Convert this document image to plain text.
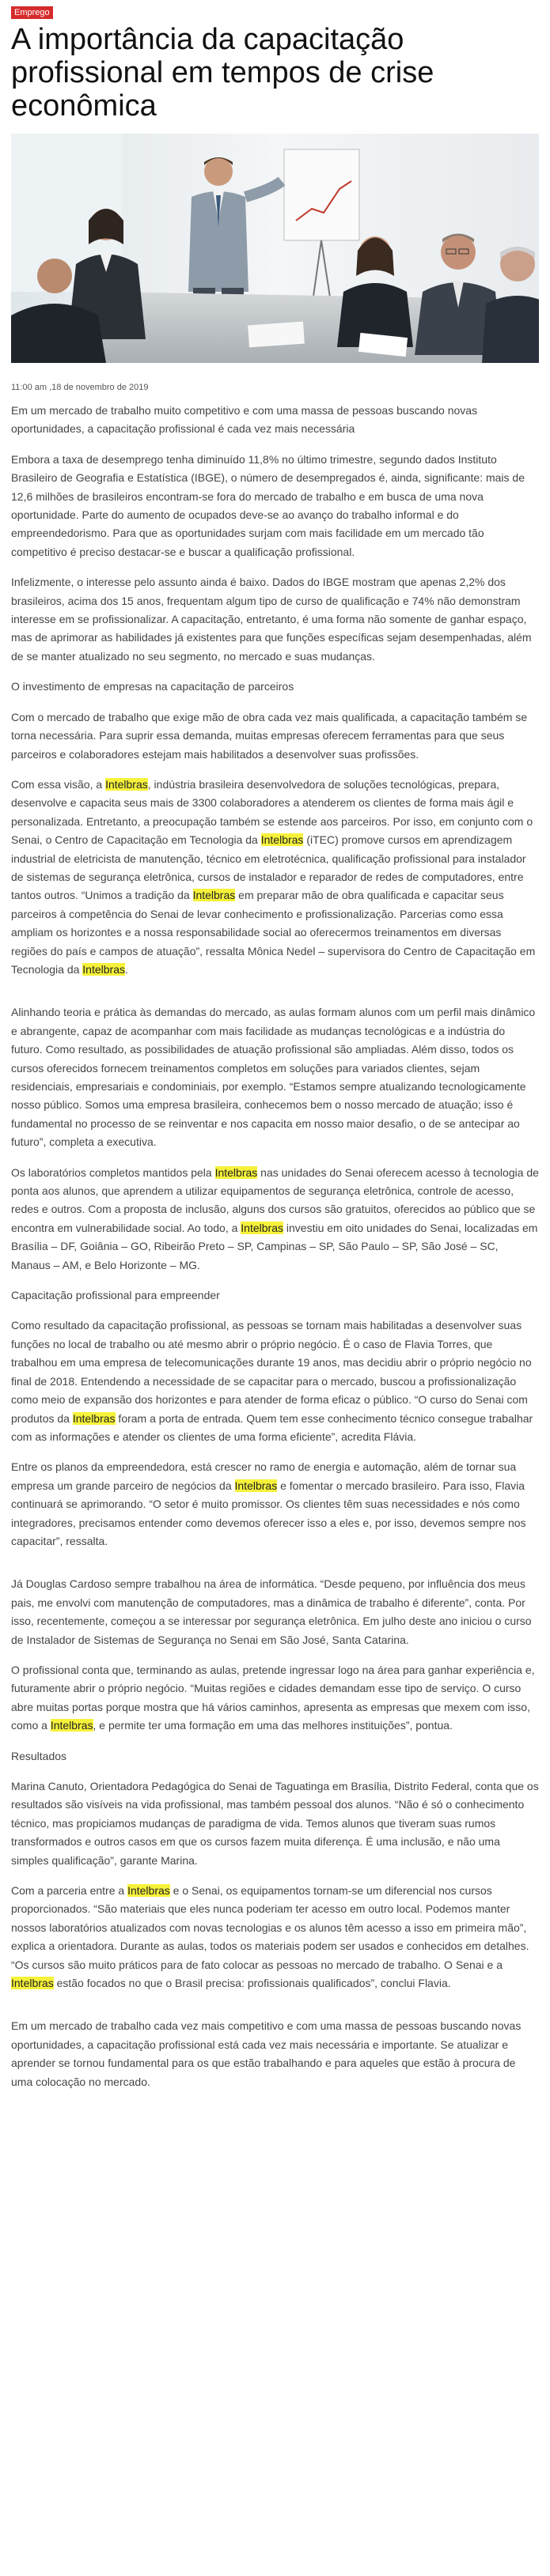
Emprego
A importância da capacitação profissional em tempos de crise econômica
11:00 am ,18 de novembro de 2019

Em um mercado de trabalho muito competitivo e com uma massa de pessoas buscando novas oportunidades, a capacitação profissional é cada vez mais necessária

Embora a taxa de desemprego tenha diminuído 11,8% no último trimestre, segundo dados Instituto Brasileiro de Geografia e Estatística (IBGE), o número de desempregados é, ainda, significante: mais de 12,6 milhões de brasileiros encontram-se fora do mercado de trabalho e em busca de uma nova oportunidade. Parte do aumento de ocupados deve-se ao avanço do trabalho informal e do empreendedorismo. Para que as oportunidades surjam com mais facilidade em um mercado tão competitivo é preciso destacar-se e buscar a qualificação profissional.

Infelizmente, o interesse pelo assunto ainda é baixo. Dados do IBGE mostram que apenas 2,2% dos brasileiros, acima dos 15 anos, frequentam algum tipo de curso de qualificação e 74% não demonstram interesse em se profissionalizar. A capacitação, entretanto, é uma forma não somente de ganhar espaço, mas de aprimorar as habilidades já existentes para que funções específicas sejam desempenhadas, além de se manter atualizado no seu segmento, no mercado e suas mudanças.

O investimento de empresas na capacitação de parceiros

Com o mercado de trabalho que exige mão de obra cada vez mais qualificada, a capacitação também se torna necessária. Para suprir essa demanda, muitas empresas oferecem ferramentas para que seus parceiros e colaboradores estejam mais habilitados a desenvolver suas profissões.

Com essa visão, a Intelbras, indústria brasileira desenvolvedora de soluções tecnológicas, prepara, desenvolve e capacita seus mais de 3300 colaboradores a atenderem os clientes de forma mais ágil e personalizada. Entretanto, a preocupação também se estende aos parceiros. Por isso, em conjunto com o Senai, o Centro de Capacitação em Tecnologia da Intelbras (iTEC) promove cursos em aprendizagem industrial de eletricista de manutenção, técnico em eletrotécnica, qualificação profissional para instalador de sistemas de segurança eletrônica, cursos de instalador e reparador de redes de computadores, entre tantos outros. “Unimos a tradição da Intelbras em preparar mão de obra qualificada e capacitar seus parceiros à competência do Senai de levar conhecimento e profissionalização. Parcerias como essa ampliam os horizontes e a nossa responsabilidade social ao oferecermos treinamentos em diversas regiões do país e campos de atuação”, ressalta Mônica Nedel – supervisora do Centro de Capacitação em Tecnologia da Intelbras.

Alinhando teoria e prática às demandas do mercado, as aulas formam alunos com um perfil mais dinâmico e abrangente, capaz de acompanhar com mais facilidade as mudanças tecnológicas e a indústria do futuro. Como resultado, as possibilidades de atuação profissional são ampliadas. Além disso, todos os cursos oferecidos fornecem treinamentos completos em soluções para variados clientes, sejam residenciais, empresariais e condominiais, por exemplo. “Estamos sempre atualizando tecnologicamente nosso público. Somos uma empresa brasileira, conhecemos bem o nosso mercado de atuação; isso é fundamental no processo de se reinventar e nos capacita em nosso maior desafio, o de se antecipar ao futuro”, completa a executiva.

Os laboratórios completos mantidos pela Intelbras nas unidades do Senai oferecem acesso à tecnologia de ponta aos alunos, que aprendem a utilizar equipamentos de segurança eletrônica, controle de acesso, redes e outros. Com a proposta de inclusão, alguns dos cursos são gratuitos, oferecidos ao público que se encontra em vulnerabilidade social. Ao todo, a Intelbras investiu em oito unidades do Senai, localizadas em Brasília – DF, Goiânia – GO, Ribeirão Preto – SP, Campinas – SP, São Paulo – SP, São José – SC, Manaus – AM, e Belo Horizonte – MG.

Capacitação profissional para empreender

Como resultado da capacitação profissional, as pessoas se tornam mais habilitadas a desenvolver suas funções no local de trabalho ou até mesmo abrir o próprio negócio. É o caso de Flavia Torres, que trabalhou em uma empresa de telecomunicações durante 19 anos, mas decidiu abrir o próprio negócio no final de 2018. Entendendo a necessidade de se capacitar para o mercado, buscou a profissionalização como meio de expansão dos horizontes e para atender de forma eficaz o público. “O curso do Senai com produtos da Intelbras foram a porta de entrada. Quem tem esse conhecimento técnico consegue trabalhar com as informações e atender os clientes de uma forma eficiente”, acredita Flávia.

Entre os planos da empreendedora, está crescer no ramo de energia e automação, além de tornar sua empresa um grande parceiro de negócios da Intelbras e fomentar o mercado brasileiro. Para isso, Flavia continuará se aprimorando. “O setor é muito promissor. Os clientes têm suas necessidades e nós como integradores, precisamos entender como devemos oferecer isso a eles e, por isso, devemos sempre nos capacitar”, ressalta.

Já Douglas Cardoso sempre trabalhou na área de informática. “Desde pequeno, por influência dos meus pais, me envolvi com manutenção de computadores, mas a dinâmica de trabalho é diferente”, conta. Por isso, recentemente, começou a se interessar por segurança eletrônica. Em julho deste ano iniciou o curso de Instalador de Sistemas de Segurança no Senai em São José, Santa Catarina.

O profissional conta que, terminando as aulas, pretende ingressar logo na área para ganhar experiência e, futuramente abrir o próprio negócio. “Muitas regiões e cidades demandam esse tipo de serviço. O curso abre muitas portas porque mostra que há vários caminhos, apresenta as empresas que mexem com isso, como a Intelbras, e permite ter uma formação em uma das melhores instituições”, pontua.

Resultados

Marina Canuto, Orientadora Pedagógica do Senai de Taguatinga em Brasília, Distrito Federal, conta que os resultados são visíveis na vida profissional, mas também pessoal dos alunos. “Não é só o conhecimento técnico, mas propiciamos mudanças de paradigma de vida. Temos alunos que tiveram suas rumos transformados e outros casos em que os cursos fazem muita diferença. É uma inclusão, e não uma simples qualificação”, garante Marina.

Com a parceria entre a Intelbras e o Senai, os equipamentos tornam-se um diferencial nos cursos proporcionados. “São materiais que eles nunca poderiam ter acesso em outro local. Podemos manter nossos laboratórios atualizados com novas tecnologias e os alunos têm acesso a isso em primeira mão”, explica a orientadora. Durante as aulas, todos os materiais podem ser usados e conhecidos em detalhes. “Os cursos são muito práticos para de fato colocar as pessoas no mercado de trabalho. O Senai e a Intelbras estão focados no que o Brasil precisa: profissionais qualificados”, conclui Flavia.

Em um mercado de trabalho cada vez mais competitivo e com uma massa de pessoas buscando novas oportunidades, a capacitação profissional está cada vez mais necessária e importante. Se atualizar e aprender se tornou fundamental para os que estão trabalhando e para aqueles que estão à procura de uma colocação no mercado.
